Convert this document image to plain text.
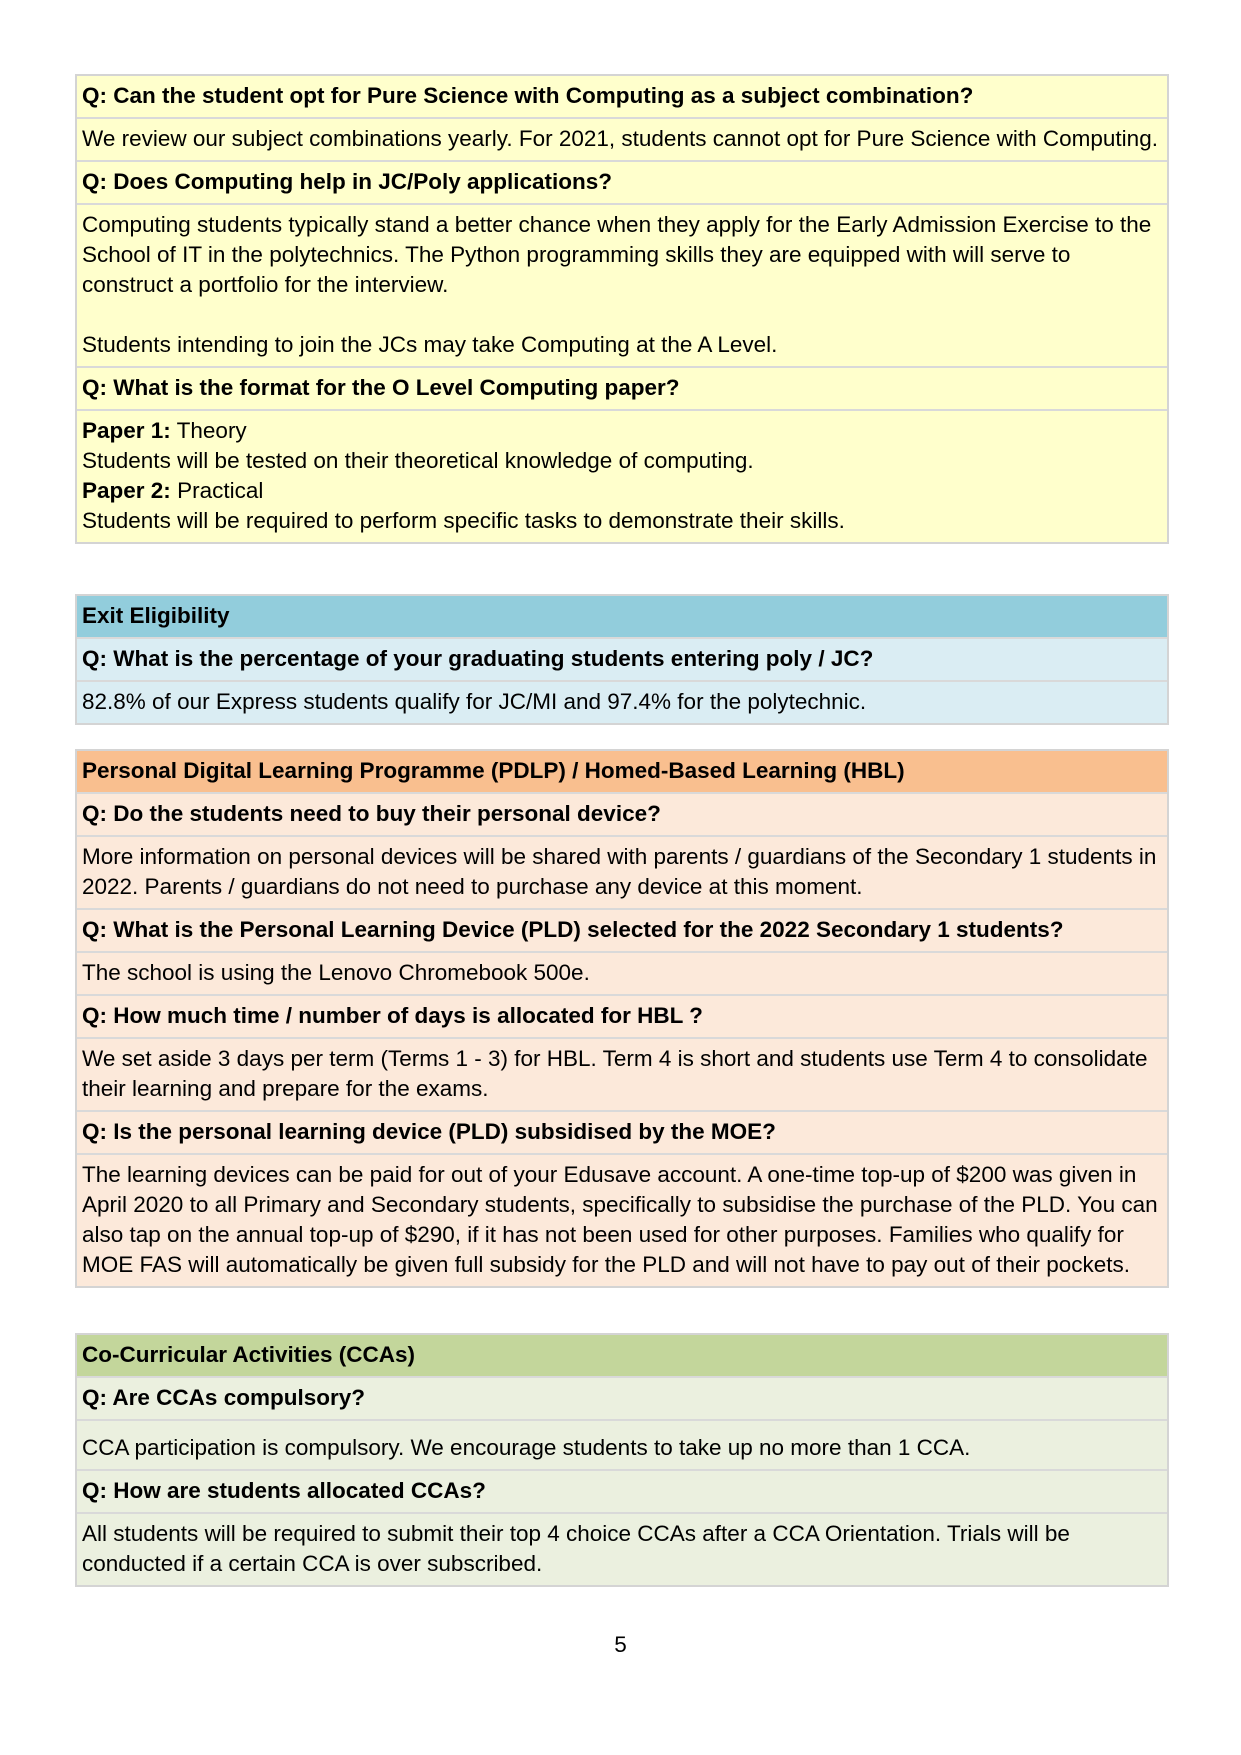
Q: Can the student opt for Pure Science with Computing as a subject combination?
We review our subject combinations yearly. For 2021, students cannot opt for Pure Science with Computing.
Q: Does Computing help in JC/Poly applications?
Computing students typically stand a better chance when they apply for the Early Admission Exercise to the School of IT in the polytechnics. The Python programming skills they are equipped with will serve to construct a portfolio for the interview.
Students intending to join the JCs may take Computing at the A Level.
Q: What is the format for the O Level Computing paper?
Paper 1: Theory
Students will be tested on their theoretical knowledge of computing.
Paper 2: Practical
Students will be required to perform specific tasks to demonstrate their skills.
Exit Eligibility
Q: What is the percentage of your graduating students entering poly / JC?
82.8% of our Express students qualify for JC/MI and 97.4% for the polytechnic.
Personal Digital Learning Programme (PDLP) / Homed-Based Learning (HBL)
Q: Do the students need to buy their personal device?
More information on personal devices will be shared with parents / guardians of the Secondary 1 students in 2022. Parents / guardians do not need to purchase any device at this moment.
Q: What is the Personal Learning Device (PLD) selected for the 2022 Secondary 1 students?
The school is using the Lenovo Chromebook 500e.
Q: How much time / number of days is allocated for HBL ?
We set aside 3 days per term (Terms 1 - 3) for HBL. Term 4 is short and students use Term 4 to consolidate their learning and prepare for the exams.
Q: Is the personal learning device (PLD) subsidised by the MOE?
The learning devices can be paid for out of your Edusave account. A one-time top-up of $200 was given in April 2020 to all Primary and Secondary students, specifically to subsidise the purchase of the PLD. You can also tap on the annual top-up of $290, if it has not been used for other purposes. Families who qualify for MOE FAS will automatically be given full subsidy for the PLD and will not have to pay out of their pockets.
Co-Curricular Activities (CCAs)
Q: Are CCAs compulsory?
CCA participation is compulsory. We encourage students to take up no more than 1 CCA.
Q: How are students allocated CCAs?
All students will be required to submit their top 4 choice CCAs after a CCA Orientation. Trials will be conducted if a certain CCA is over subscribed.
5
